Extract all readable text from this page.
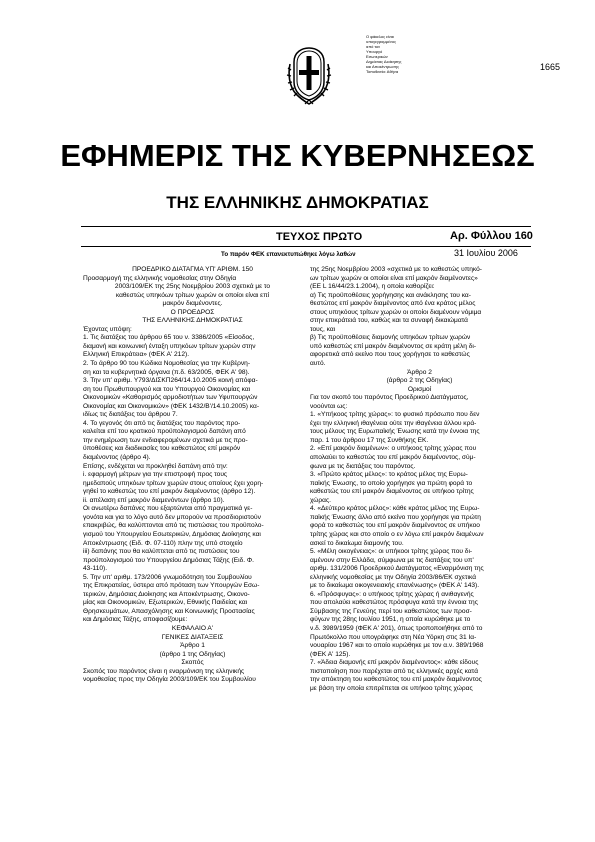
Ο φάκελος είναι
υπογεγραμμένος
από τον
Υπουργό
Εσωτερικών
Δημόσιας Διοίκησης
και Αποκέντρωσης
Τοποθεσία: Αθήνα	1665
ΕΦΗΜΕΡΙΣ ΤΗΣ ΚΥΒΕΡΝΗΣΕΩΣ
ΤΗΣ ΕΛΛΗΝΙΚΗΣ ΔΗΜΟΚΡΑΤΙΑΣ
ΤΕΥΧΟΣ ΠΡΩΤΟ	Αρ. Φύλλου 160
Το παρόν ΦΕΚ επανεκτυπώθηκε λόγω λαθών	31 Ιουλίου 2006

ΠΡΟΕΔΡΙΚΟ ΔΙΑΤΑΓΜΑ ΥΠ' ΑΡΙΘΜ. 150

Προσαρμογή της ελληνικής νομοθεσίας στην Οδηγία

2003/109/ΕΚ της 25ης Νοεμβρίου 2003 σχετικά με το

καθεστώς υπηκόων τρίτων χωρών οι οποίοι είναι επί

μακρόν διαμένοντες.

Ο ΠΡΟΕΔΡΟΣ

ΤΗΣ ΕΛΛΗΝΙΚΗΣ ΔΗΜΟΚΡΑΤΙΑΣ

Έχοντας υπόψη:

1. Τις διατάξεις του άρθρου 65 του ν. 3386/2005 «Είσοδος,

διαμονή και κοινωνική ένταξη υπηκόων τρίτων χωρών στην

Ελληνική Επικράτεια» (ΦΕΚ Α' 212).

2. Το άρθρο 90 του Κώδικα Νομοθεσίας για την Κυβέρνη-

ση και τα κυβερνητικά όργανα (π.δ. 63/2005, ΦΕΚ Α' 98).

3. Την υπ' αριθμ. Υ793/ΔΙΣΚΠ264/14.10.2005 κοινή απόφα-

ση του Πρωθυπουργού και του Υπουργού Οικονομίας και

Οικονομικών «Καθορισμός αρμοδιοτήτων των Υφυπουργών

Οικονομίας και Οικονομικών» (ΦΕΚ 1432/Β'/14.10.2005) κα-

ιδίως τις διατάξεις του άρθρου 7.

4. Το γεγονός ότι από τις διατάξεις του παρόντος προ-

καλείται επί του κρατικού προϋπολογισμού δαπάνη από

την ενημέρωση των ενδιαφερομένων σχετικά με τις προ-

ϋποθέσεις και διαδικασίες του καθεστώτος επί μακρόν

διαμένοντος (άρθρο 4).

Επίσης, ενδέχεται να προκληθεί δαπάνη από την:

i. εφαρμογή μέτρων για την επιστροφή προς τους

ημεδαπούς υπηκόων τρίτων χωρών στους οποίους έχει χορη-

γηθεί το καθεστώς του επί μακρόν διαμένοντος (άρθρο 12).

ii. απέλαση επί μακρόν διαμενόντων (άρθρο 10).

Οι ανωτέρω δαπάνες που εξαρτώνται από πραγματικά γε-

γονότα και για το λόγο αυτό δεν μπορούν να προσδιοριστούν

επακριβώς, θα καλύπτονται από τις πιστώσεις του προϋπολο-

γισμού του Υπουργείου Εσωτερικών, Δημόσιας Διοίκησης και

Αποκέντρωσης (Ειδ. Φ. 07-110) πλην της υπό στοιχείο

iii) δαπάνης που θα καλύπτεται από τις πιστώσεις του

προϋπολογισμού του Υπουργείου Δημόσιας Τάξης (Ειδ. Φ.

43-110).

5. Την υπ' αριθμ. 173/2006 γνωμοδότηση του Συμβουλίου

της Επικρατείας, ύστερα από πρόταση των Υπουργών Εσω-

τερικών, Δημόσιας Διοίκησης και Αποκέντρωσης, Οικονο-

μίας και Οικονομικών, Εξωτερικών, Εθνικής Παιδείας και

Θρησκευμάτων, Απασχόλησης και Κοινωνικής Προστασίας

και Δημόσιας Τάξης, αποφασίζουμε:

ΚΕΦΑΛΑΙΟ Α'

ΓΕΝΙΚΕΣ ΔΙΑΤΑΞΕΙΣ

Άρθρο 1

(άρθρο 1 της Οδηγίας)

Σκοπός

Σκοπός του παρόντος είναι η εναρμόνιση της ελληνικής

νομοθεσίας προς την Οδηγία 2003/109/ΕΚ του Συμβουλίου

της 25ης Νοεμβρίου 2003 «σχετικά με το καθεστώς υπηκό-

ων τρίτων χωρών οι οποίοι είναι επί μακρόν διαμένοντες»

(ΕΕ L 16/44/23.1.2004), η οποία καθορίζει:

α) Τις προϋποθέσεις χορήγησης και ανάκλησης του κα-

θεστώτος επί μακρόν διαμένοντος από ένα κράτος μέλος

στους υπηκόους τρίτων χωρών οι οποίοι διαμένουν νόμιμα

στην επικράτειά του, καθώς και τα συναφή δικαιώματά

τους, και

β) Τις προϋποθέσεις διαμονής υπηκόων τρίτων χωρών

υπό καθεστώς επί μακρόν διαμένοντος σε κράτη μέλη δι-

αφορετικά από εκείνο που τους χορήγησε το καθεστώς

αυτό.

Άρθρο 2

(άρθρο 2 της Οδηγίας)

Ορισμοί

Για τον σκοπό του παρόντος Προεδρικού Διατάγματος,

νοούνται ως:

1. «Υπήκοος τρίτης χώρας»: το φυσικό πρόσωπο που δεν

έχει την ελληνική ιθαγένεια ούτε την ιθαγένεια άλλου κρά-

τους μέλους της Ευρωπαϊκής Ένωσης κατά την έννοια της

παρ. 1 του άρθρου 17 της Συνθήκης ΕΚ.

2. «Επί μακρόν διαμένων»: ο υπήκοος τρίτης χώρας που

απολαύει το καθεστώς του επί μακρόν διαμένοντος, σύμ-

φωνα με τις διατάξεις του παρόντος.

3. «Πρώτο κράτος μέλος»: το κράτος μέλος της Ευρω-

παϊκής Ένωσης, το οποίο χορήγησε για πρώτη φορά το

καθεστώς του επί μακρόν διαμένοντος σε υπήκοο τρίτης

χώρας.

4. «Δεύτερο κράτος μέλος»: κάθε κράτος μέλος της Ευρω-

παϊκής Ένωσης άλλο από εκείνο που χορήγησε για πρώτη

φορά το καθεστώς του επί μακρόν διαμένοντος σε υπήκοο

τρίτης χώρας και στο οποίο ο εν λόγω επί μακρόν διαμένων

ασκεί το δικαίωμα διαμονής του.

5. «Μέλη οικογένειας»: οι υπήκοοι τρίτης χώρας που δι-

αμένουν στην Ελλάδα, σύμφωνα με τις διατάξεις του υπ'

αριθμ. 131/2006 Προεδρικού Διατάγματος «Εναρμόνιση της

ελληνικής νομοθεσίας με την Οδηγία 2003/86/ΕΚ σχετικά

με το δικαίωμα οικογενειακής επανένωσης» (ΦΕΚ Α' 143).

6. «Πρόσφυγας»: ο υπήκοος τρίτης χώρας ή ανιθαγενής

που απολαύει καθεστώτος πρόσφυγα κατά την έννοια της

Σύμβασης της Γενεύης περί του καθεστώτος των προσ-

φύγων της 28ης Ιουλίου 1951, η οποία κυρώθηκε με το

ν.δ. 3989/1959 (ΦΕΚ Α' 201), όπως τροποποιήθηκε από το

Πρωτόκολλο που υπογράφηκε στη Νέα Υόρκη στις 31 Ια-

νουαρίου 1967 και το οποίο κυρώθηκε με τον α.ν. 389/1968

(ΦΕΚ Α' 125).

7. «Άδεια διαμονής επί μακρόν διαμένοντος»: κάθε είδους

πιστοποίηση που παρέχεται από τις ελληνικές αρχές κατά

την απόκτηση του καθεστώτος του επί μακρόν διαμένοντος

με βάση την οποία επιτρέπεται σε υπήκοο τρίτης χώρας
